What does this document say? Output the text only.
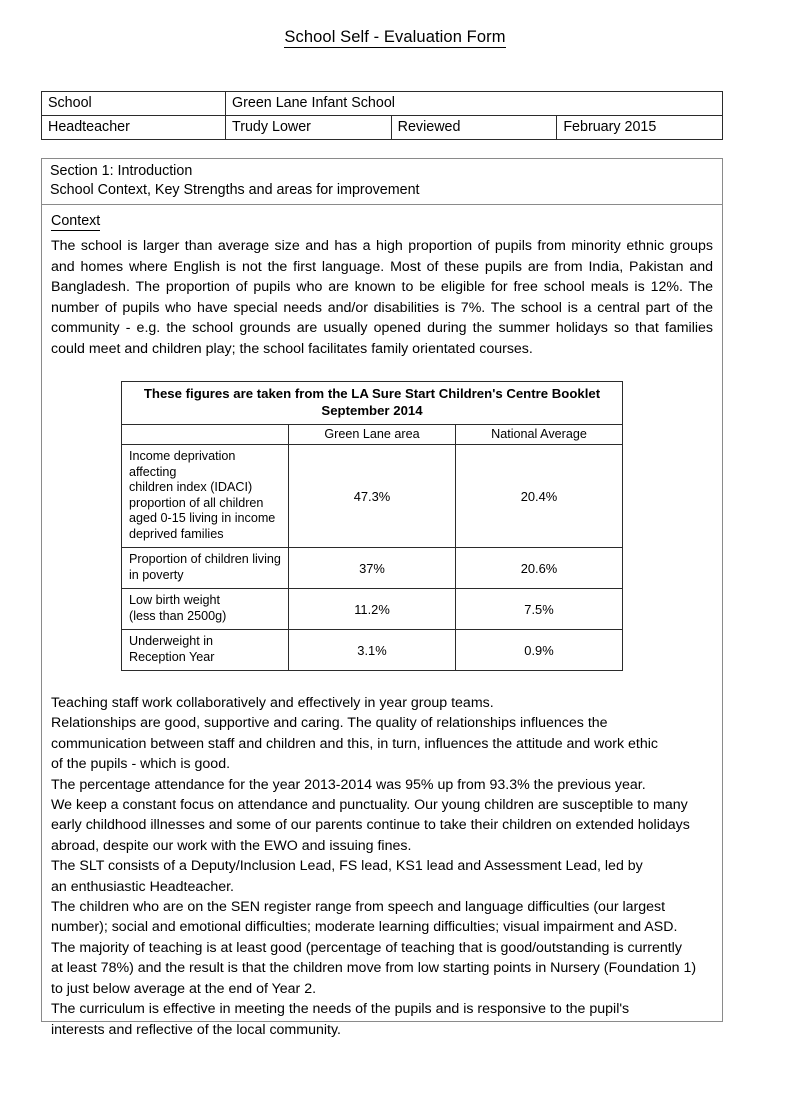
School Self - Evaluation Form
School	Green Lane Infant School		
Headteacher	Trudy Lower	Reviewed	February 2015
Section 1: Introduction
School Context, Key Strengths and areas for improvement

Context

The school is larger than average size and has a high proportion of pupils from minority ethnic groups and homes where English is not the first language. Most of these pupils are from India, Pakistan and Bangladesh. The proportion of pupils who are known to be eligible for free school meals is 12%. The number of pupils who have special needs and/or disabilities is 7%. The school is a central part of the community - e.g. the school grounds are usually opened during the summer holidays so that families could meet and children play; the school facilitates family orientated courses.

These figures are taken from the LA Sure Start Children's Centre Booklet
September 2014		
	Green Lane area	National Average

Income deprivation affecting
children index (IDACI)
proportion of all children
aged 0-15 living in income
deprived families	47.3%	20.4%

Proportion of children living
in poverty	37%	20.6%

Low birth weight
(less than 2500g)	11.2%	7.5%

Underweight in
Reception Year	3.1%	0.9%
Teaching staff work collaboratively and effectively in year group teams.
Relationships are good, supportive and caring. The quality of relationships influences the
communication between staff and children and this, in turn, influences the attitude and work ethic
of the pupils - which is good.
The percentage attendance for the year 2013-2014 was 95% up from 93.3% the previous year.
We keep a constant focus on attendance and punctuality. Our young children are susceptible to many
early childhood illnesses and some of our parents continue to take their children on extended holidays
abroad, despite our work with the EWO and issuing fines.
The SLT consists of a Deputy/Inclusion Lead, FS lead, KS1 lead and Assessment Lead, led by
an enthusiastic Headteacher.
The children who are on the SEN register range from speech and language difficulties (our largest
number); social and emotional difficulties; moderate learning difficulties; visual impairment and ASD.
The majority of teaching is at least good (percentage of teaching that is good/outstanding is currently
at least 78%) and the result is that the children move from low starting points in Nursery (Foundation 1)
to just below average at the end of Year 2.
The curriculum is effective in meeting the needs of the pupils and is responsive to the pupil's
interests and reflective of the local community.
